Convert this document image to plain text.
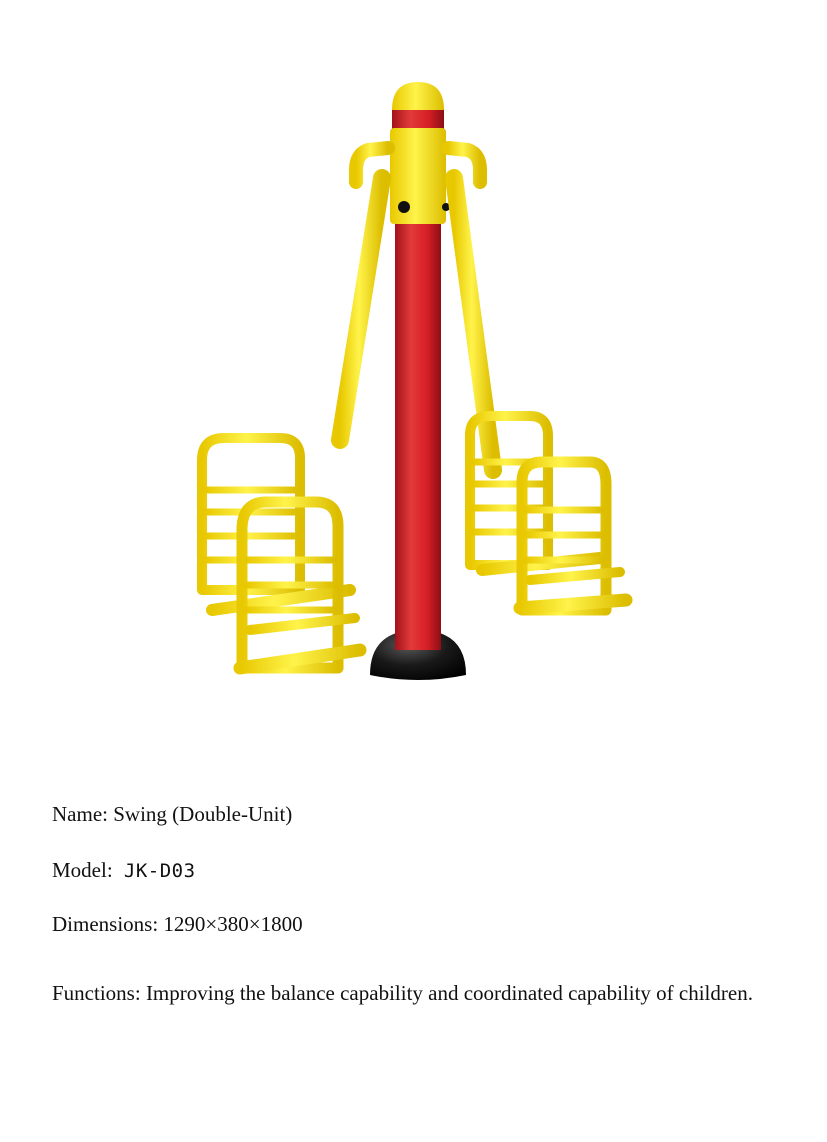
Name: Swing (Double-Unit)
Model: JK-D03
Dimensions: 1290×380×1800
Functions: Improving the balance capability and coordinated capability of children.
